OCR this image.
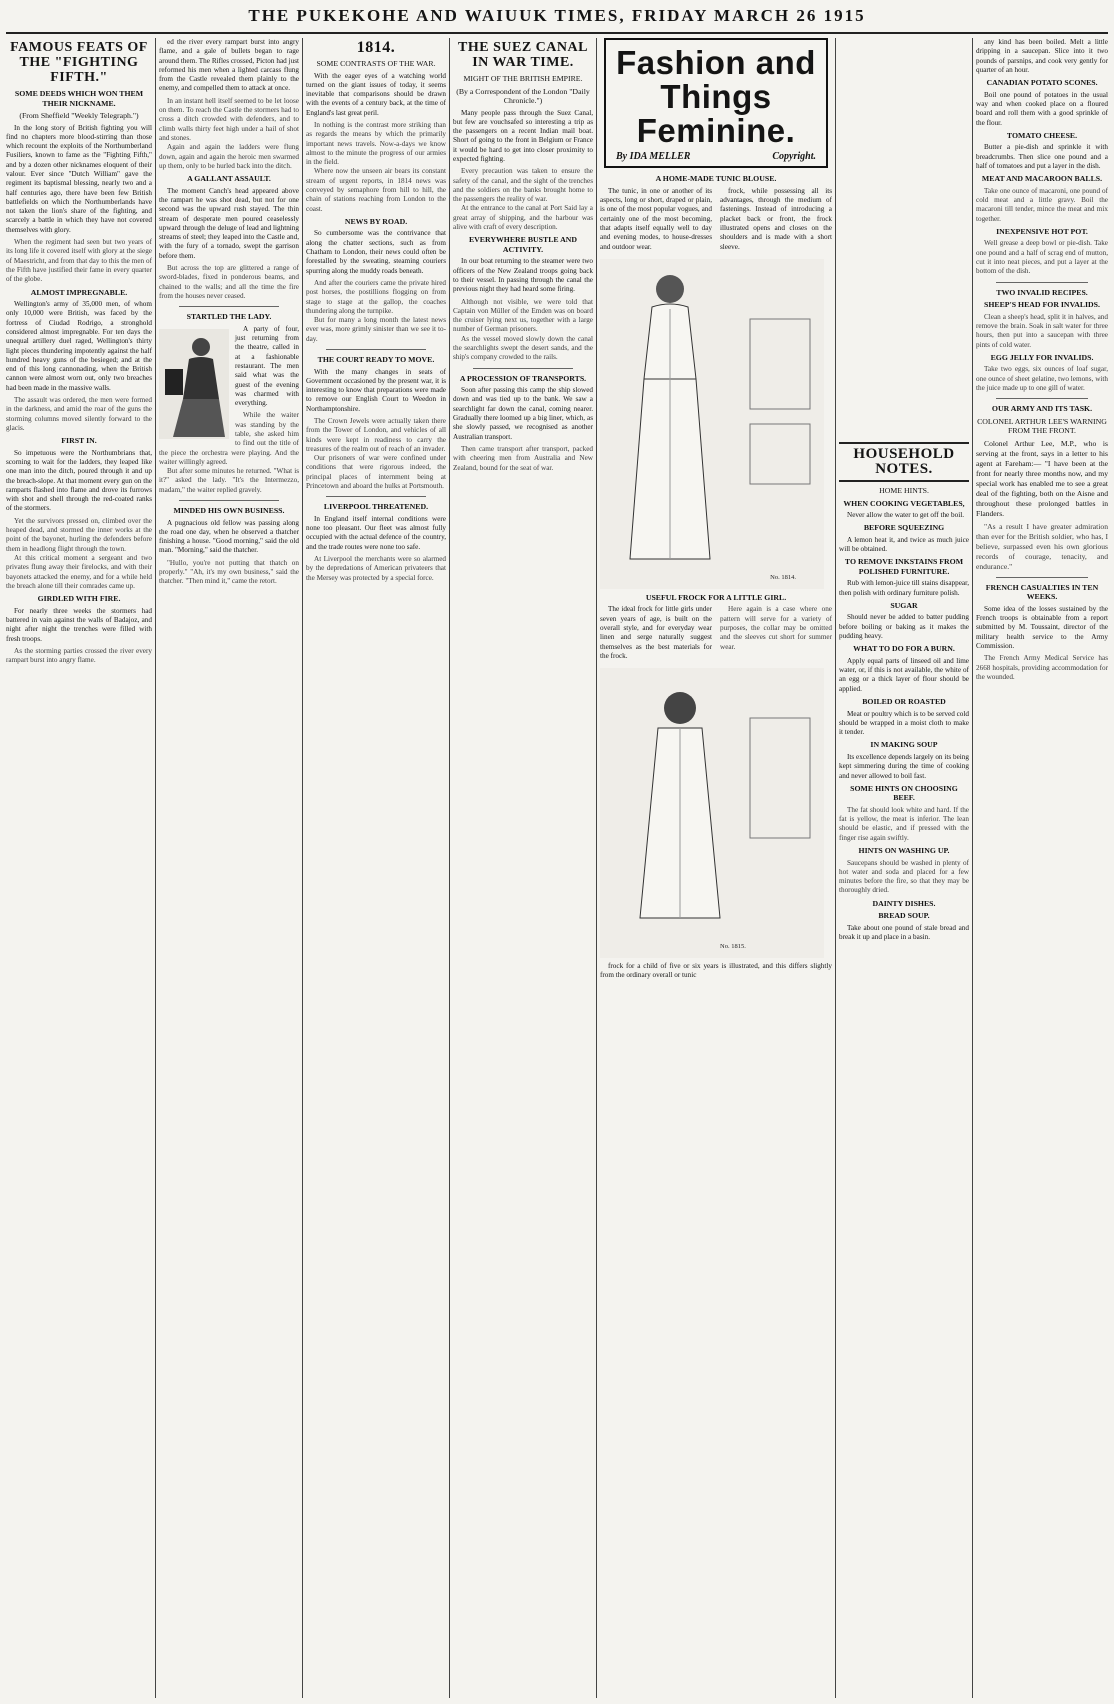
THE PUKEKOHE AND WAIUUK TIMES, FRIDAY MARCH 26 1915
FAMOUS FEATS OF THE "FIGHTING FIFTH."
SOME DEEDS WHICH WON THEM THEIR NICKNAME.
(From Sheffield "Weekly Telegraph.")
In the long story of British fighting you will find no chapters more blood-stirring than those which recount the exploits of the Northumberland Fusiliers, known to fame as the "Fighting Fifth," and by a dozen other nicknames eloquent of their valour. Ever since "Dutch William" gave the regiment its baptismal blessing, nearly two and a half centuries ago, there have been few British battlefields on which the Northumberlands have not taken the lion's share of the fighting, and scarcely a battle in which they have not covered themselves with glory.
When the regiment had seen but two years of its long life it covered itself with glory at the siege of Maestricht, and from that day to this the men of the Fifth have justified their fame in every quarter of the globe.
ALMOST IMPREGNABLE.
Wellington's army of 35,000 men, of whom only 10,000 were British, was faced by the fortress of Ciudad Rodrigo, a stronghold considered almost impregnable. For ten days the unequal artillery duel raged, Wellington's thirty light pieces thundering impotently against the half hundred heavy guns of the besieged; and at the end of this long cannonading, when the British cannon were almost worn out, only two breaches had been made in the massive walls.
The assault was ordered, the men were formed in the darkness, and amid the roar of the guns the storming columns moved silently forward to the glacis.
FIRST IN.
So impetuous were the Northumbrians that, scorning to wait for the ladders, they leaped like one man into the ditch, poured through it and up the breach-slope. At that moment every gun on the ramparts flashed into flame and drove its furrows with shot and shell through the red-coated ranks of the stormers.
Yet the survivors pressed on, climbed over the heaped dead, and stormed the inner works at the point of the bayonet, hurling the defenders before them in headlong flight through the town.
At this critical moment a sergeant and two privates flung away their firelocks, and with their bayonets attacked the enemy, and for a while held the breach alone till their comrades came up.
GIRDLED WITH FIRE.
For nearly three weeks the stormers had battered in vain against the walls of Badajoz, and night after night the trenches were filled with fresh troops.
As the storming parties crossed the river every rampart burst into angry flame.
ed the river every rampart burst into angry flame, and a gale of bullets began to rage around them. The Rifles crossed, Picton had just reformed his men when a lighted carcass flung from the Castle revealed them plainly to the enemy, and compelled them to attack at once.
In an instant hell itself seemed to be let loose on them. To reach the Castle the stormers had to cross a ditch crowded with defenders, and to climb walls thirty feet high under a hail of shot and stones.
Again and again the ladders were flung down, again and again the heroic men swarmed up them, only to be hurled back into the ditch.
A GALLANT ASSAULT.
The moment Canch's head appeared above the rampart he was shot dead, but not for one second was the upward rush stayed. The thin stream of desperate men poured ceaselessly upward through the deluge of lead and lightning streams of steel; they leaped into the Castle and, with the fury of a tornado, swept the garrison before them.
But across the top are glittered a range of sword-blades, fixed in ponderous beams, and chained to the walls; and all the time the fire from the houses never ceased.
STARTLED THE LADY.
A party of four, just returning from the theatre, called in at a fashionable restaurant. The men said what was the guest of the evening was charmed with everything.
While the waiter was standing by the table, she asked him to find out the title of the piece the orchestra were playing. And the waiter willingly agreed.
But after some minutes he returned. "What is it?" asked the lady. "It's the Intermezzo, madam," the waiter replied gravely.
MINDED HIS OWN BUSINESS.
A pugnacious old fellow was passing along the road one day, when he observed a thatcher finishing a house. "Good morning," said the old man. "Morning," said the thatcher.
"Hullo, you're not putting that thatch on properly." "Ah, it's my own business," said the thatcher. "Then mind it," came the retort.
1814.
SOME CONTRASTS OF THE WAR.
With the eager eyes of a watching world turned on the giant issues of today, it seems inevitable that comparisons should be drawn with the events of a century back, at the time of England's last great peril.
In nothing is the contrast more striking than as regards the means by which the primarily important news travels. Now-a-days we know almost to the minute the progress of our armies in the field.
Where now the unseen air bears its constant stream of urgent reports, in 1814 news was conveyed by semaphore from hill to hill, the chain of stations reaching from London to the coast.
NEWS BY ROAD.
So cumbersome was the contrivance that along the chatter sections, such as from Chatham to London, their news could often be forestalled by the sweating, steaming couriers spurring along the muddy roads beneath.
And after the couriers came the private hired post horses, the postillions flogging on from stage to stage at the gallop, the coaches thundering along the turnpike.
But for many a long month the latest news ever was, more grimly sinister than we see it to-day.
THE COURT READY TO MOVE.
With the many changes in seats of Government occasioned by the present war, it is interesting to know that preparations were made to remove our English Court to Weedon in Northamptonshire.
The Crown Jewels were actually taken there from the Tower of London, and vehicles of all kinds were kept in readiness to carry the treasures of the realm out of reach of an invader.
Our prisoners of war were confined under conditions that were rigorous indeed, the principal places of internment being at Princetown and aboard the hulks at Portsmouth.
LIVERPOOL THREATENED.
In England itself internal conditions were none too pleasant. Our fleet was almost fully occupied with the actual defence of the country, and the trade routes were none too safe.
At Liverpool the merchants were so alarmed by the depredations of American privateers that the Mersey was protected by a special force.
THE SUEZ CANAL IN WAR TIME.
MIGHT OF THE BRITISH EMPIRE.
(By a Correspondent of the London "Daily Chronicle.")
Many people pass through the Suez Canal, but few are vouchsafed so interesting a trip as the passengers on a recent Indian mail boat. Short of going to the front in Belgium or France it would be hard to get into closer proximity to expected fighting.
Every precaution was taken to ensure the safety of the canal, and the sight of the trenches and the soldiers on the banks brought home to the passengers the reality of war.
At the entrance to the canal at Port Said lay a great array of shipping, and the harbour was alive with craft of every description.
EVERYWHERE BUSTLE AND ACTIVITY.
In our boat returning to the steamer were two officers of the New Zealand troops going back to their vessel. In passing through the canal the previous night they had heard some firing.
Although not visible, we were told that Captain von Müller of the Emden was on board the cruiser lying next us, together with a large number of German prisoners.
As the vessel moved slowly down the canal the searchlights swept the desert sands, and the ship's company crowded to the rails.
A PROCESSION OF TRANSPORTS.
Soon after passing this camp the ship slowed down and was tied up to the bank. We saw a searchlight far down the canal, coming nearer. Gradually there loomed up a big liner, which, as she slowly passed, we recognised as another Australian transport.
Then came transport after transport, packed with cheering men from Australia and New Zealand, bound for the seat of war.
Fashion and Things
Feminine.
By IDA MELLER	Copyright.
A HOME-MADE TUNIC BLOUSE.
The tunic, in one or another of its aspects, long or short, draped or plain, is one of the most popular vogues, and certainly one of the most becoming, that adapts itself equally well to day and evening modes, to house-dresses and outdoor wear.
frock, while possessing all its advantages, through the medium of fastenings. Instead of introducing a placket back or front, the frock illustrated opens and closes on the shoulders and is made with a short sleeve.
No. 1814.
USEFUL FROCK FOR A LITTLE GIRL.
The ideal frock for little girls under seven years of age, is built on the overall style, and for everyday wear linen and serge naturally suggest themselves as the best materials for the frock.
Here again is a case where one pattern will serve for a variety of purposes, the collar may be omitted and the sleeves cut short for summer wear.
No. 1815.
frock for a child of five or six years is illustrated, and this differs slightly from the ordinary overall or tunic
HOUSEHOLD NOTES.
HOME HINTS.
WHEN COOKING VEGETABLES,
Never allow the water to get off the boil.
BEFORE SQUEEZING
A lemon heat it, and twice as much juice will be obtained.
TO REMOVE INKSTAINS FROM POLISHED FURNITURE.
Rub with lemon-juice till stains disappear, then polish with ordinary furniture polish.
SUGAR
Should never be added to batter pudding before boiling or baking as it makes the pudding heavy.
WHAT TO DO FOR A BURN.
Apply equal parts of linseed oil and lime water, or, if this is not available, the white of an egg or a thick layer of flour should be applied.
BOILED OR ROASTED
Meat or poultry which is to be served cold should be wrapped in a moist cloth to make it tender.
IN MAKING SOUP
Its excellence depends largely on its being kept simmering during the time of cooking and never allowed to boil fast.
SOME HINTS ON CHOOSING BEEF.
The fat should look white and hard. If the fat is yellow, the meat is inferior. The lean should be elastic, and if pressed with the finger rise again swiftly.
HINTS ON WASHING UP.
Saucepans should be washed in plenty of hot water and soda and placed for a few minutes before the fire, so that they may be thoroughly dried.
DAINTY DISHES.
BREAD SOUP.
Take about one pound of stale bread and break it up and place in a basin.
any kind has been boiled. Melt a little dripping in a saucepan. Slice into it two pounds of parsnips, and cook very gently for quarter of an hour.
CANADIAN POTATO SCONES.
Boil one pound of potatoes in the usual way and when cooked place on a floured board and roll them with a good sprinkle of the flour.
TOMATO CHEESE.
Butter a pie-dish and sprinkle it with breadcrumbs. Then slice one pound and a half of tomatoes and put a layer in the dish.
MEAT AND MACAROON BALLS.
Take one ounce of macaroni, one pound of cold meat and a little gravy. Boil the macaroni till tender, mince the meat and mix together.
INEXPENSIVE HOT POT.
Well grease a deep bowl or pie-dish. Take one pound and a half of scrag end of mutton, cut it into neat pieces, and put a layer at the bottom of the dish.
TWO INVALID RECIPES.
SHEEP'S HEAD FOR INVALIDS.
Clean a sheep's head, split it in halves, and remove the brain. Soak in salt water for three hours, then put into a saucepan with three pints of cold water.
EGG JELLY FOR INVALIDS.
Take two eggs, six ounces of loaf sugar, one ounce of sheet gelatine, two lemons, with the juice made up to one gill of water.
OUR ARMY AND ITS TASK.
COLONEL ARTHUR LEE'S WARNING FROM THE FRONT.
Colonel Arthur Lee, M.P., who is serving at the front, says in a letter to his agent at Fareham:— "I have been at the front for nearly three months now, and my special work has enabled me to see a great deal of the fighting, both on the Aisne and throughout these prolonged battles in Flanders.
"As a result I have greater admiration than ever for the British soldier, who has, I believe, surpassed even his own glorious records of courage, tenacity, and endurance."
FRENCH CASUALTIES IN TEN WEEKS.
Some idea of the losses sustained by the French troops is obtainable from a report submitted by M. Toussaint, director of the military health service to the Army Commission.
The French Army Medical Service has 2668 hospitals, providing accommodation for the wounded.
